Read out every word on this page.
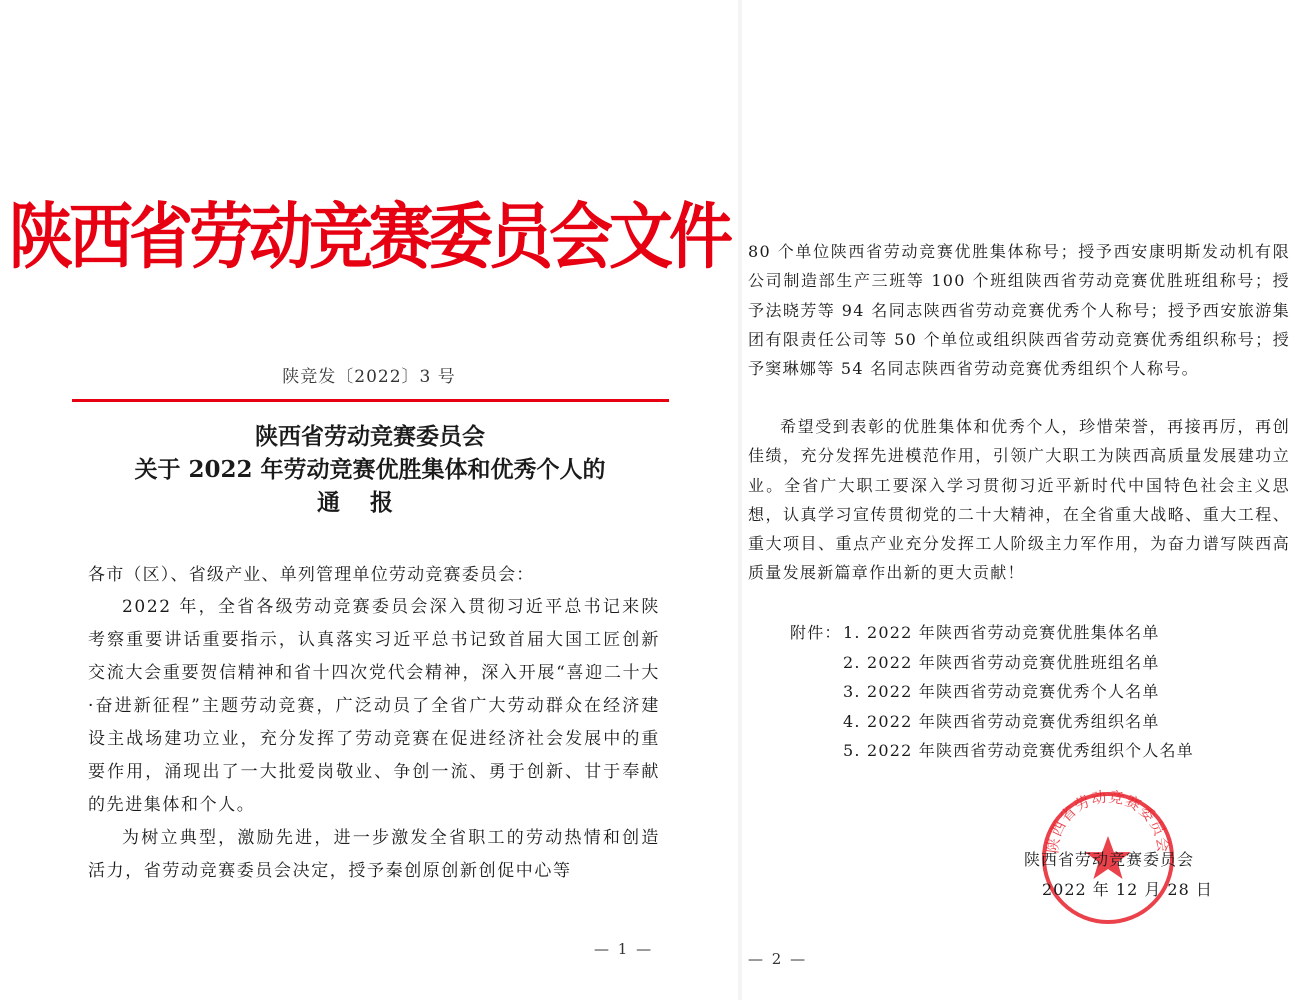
陕西省劳动竞赛委员会文件
陕竞发〔2022〕3 号
陕西省劳动竞赛委员会
关于 2022 年劳动竞赛优胜集体和优秀个人的
通报
各市（区）、省级产业、单列管理单位劳动竞赛委员会：

2022 年，全省各级劳动竞赛委员会深入贯彻习近平总书记来陕考察重要讲话重要指示，认真落实习近平总书记致首届大国工匠创新交流大会重要贺信精神和省十四次党代会精神，深入开展“喜迎二十大·奋进新征程”主题劳动竞赛，广泛动员了全省广大劳动群众在经济建设主战场建功立业，充分发挥了劳动竞赛在促进经济社会发展中的重要作用，涌现出了一大批爱岗敬业、争创一流、勇于创新、甘于奉献的先进集体和个人。

为树立典型，激励先进，进一步激发全省职工的劳动热情和创造活力，省劳动竞赛委员会决定，授予秦创原创新创促中心等

— 1 —

80 个单位陕西省劳动竞赛优胜集体称号；授予西安康明斯发动机有限公司制造部生产三班等 100 个班组陕西省劳动竞赛优胜班组称号；授予法晓芳等 94 名同志陕西省劳动竞赛优秀个人称号；授予西安旅游集团有限责任公司等 50 个单位或组织陕西省劳动竞赛优秀组织称号；授予窦琳娜等 54 名同志陕西省劳动竞赛优秀组织个人称号。

希望受到表彰的优胜集体和优秀个人，珍惜荣誉，再接再厉，再创佳绩，充分发挥先进模范作用，引领广大职工为陕西高质量发展建功立业。全省广大职工要深入学习贯彻习近平新时代中国特色社会主义思想，认真学习宣传贯彻党的二十大精神，在全省重大战略、重大工程、重大项目、重点产业充分发挥工人阶级主力军作用，为奋力谱写陕西高质量发展新篇章作出新的更大贡献！

附件： 1. 2022 年陕西省劳动竞赛优胜集体名单
2. 2022 年陕西省劳动竞赛优胜班组名单
3. 2022 年陕西省劳动竞赛优秀个人名单
4. 2022 年陕西省劳动竞赛优秀组织名单
5. 2022 年陕西省劳动竞赛优秀组织个人名单
陕西省劳动竞赛委员会
陕西省劳动竞赛委员会
2022 年 12 月 28 日
— 2 —
